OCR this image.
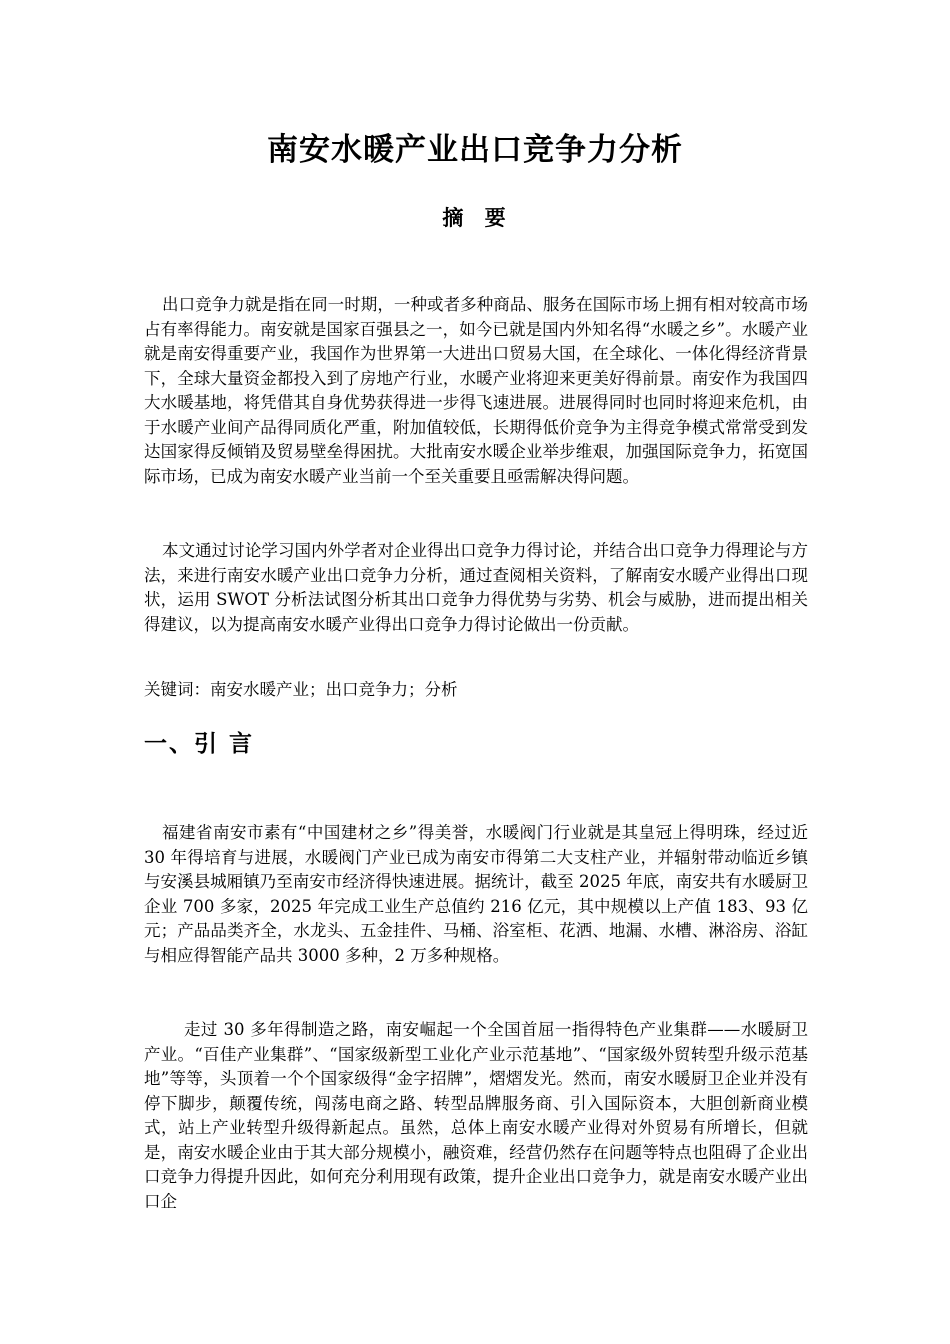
南安水暖产业出口竞争力分析
摘 要

出口竞争力就是指在同一时期，一种或者多种商品、服务在国际市场上拥有相对较高市场占有率得能力。南安就是国家百强县之一，如今已就是国内外知名得“水暖之乡”。水暖产业就是南安得重要产业，我国作为世界第一大进出口贸易大国，在全球化、一体化得经济背景下，全球大量资金都投入到了房地产行业，水暖产业将迎来更美好得前景。南安作为我国四大水暖基地，将凭借其自身优势获得进一步得飞速进展。进展得同时也同时将迎来危机，由于水暖产业间产品得同质化严重，附加值较低，长期得低价竞争为主得竞争模式常常受到发达国家得反倾销及贸易壁垒得困扰。大批南安水暖企业举步维艰，加强国际竞争力，拓宽国际市场，已成为南安水暖产业当前一个至关重要且亟需解决得问题。

本文通过讨论学习国内外学者对企业得出口竞争力得讨论，并结合出口竞争力得理论与方法，来进行南安水暖产业出口竞争力分析，通过查阅相关资料，了解南安水暖产业得出口现状，运用 SWOT 分析法试图分析其出口竞争力得优势与劣势、机会与威胁，进而提出相关得建议，以为提高南安水暖产业得出口竞争力得讨论做出一份贡献。

关键词：南安水暖产业；出口竞争力；分析
一、引 言

福建省南安市素有“中国建材之乡”得美誉，水暖阀门行业就是其皇冠上得明珠，经过近 30 年得培育与进展，水暖阀门产业已成为南安市得第二大支柱产业，并辐射带动临近乡镇与安溪县城厢镇乃至南安市经济得快速进展。据统计，截至 2025 年底，南安共有水暖厨卫企业 700 多家，2025 年完成工业生产总值约 216 亿元，其中规模以上产值 183、93 亿元；产品品类齐全，水龙头、五金挂件、马桶、浴室柜、花洒、地漏、水槽、淋浴房、浴缸与相应得智能产品共 3000 多种，2 万多种规格。

走过 30 多年得制造之路，南安崛起一个全国首屈一指得特色产业集群——水暖厨卫产业。“百佳产业集群”、“国家级新型工业化产业示范基地”、“国家级外贸转型升级示范基地”等等，头顶着一个个国家级得“金字招牌”，熠熠发光。然而，南安水暖厨卫企业并没有停下脚步，颠覆传统，闯荡电商之路、转型品牌服务商、引入国际资本，大胆创新商业模式，站上产业转型升级得新起点。虽然，总体上南安水暖产业得对外贸易有所增长，但就是，南安水暖企业由于其大部分规模小，融资难，经营仍然存在问题等特点也阻碍了企业出口竞争力得提升因此，如何充分利用现有政策，提升企业出口竞争力，就是南安水暖产业出口企
